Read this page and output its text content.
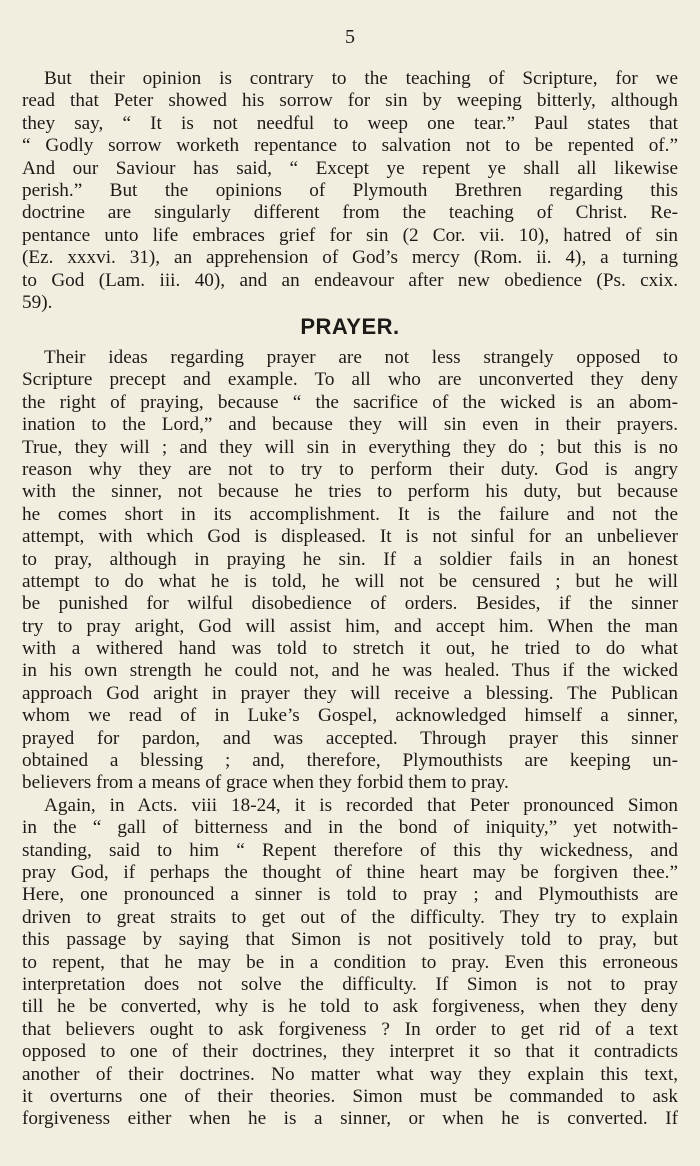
5
But their opinion is contrary to the teaching of Scripture, for we
read that Peter showed his sorrow for sin by weeping bitterly, although
they say, “ It is not needful to weep one tear.” Paul states that
“ Godly sorrow worketh repentance to salvation not to be repented of.”
And our Saviour has said, “ Except ye repent ye shall all likewise
perish.” But the opinions of Plymouth Brethren regarding this
doctrine are singularly different from the teaching of Christ. Re-
pentance unto life embraces grief for sin (2 Cor. vii. 10), hatred of sin
(Ez. xxxvi. 31), an apprehension of God’s mercy (Rom. ii. 4), a turning
to God (Lam. iii. 40), and an endeavour after new obedience (Ps. cxix.
59).
PRAYER.
Their ideas regarding prayer are not less strangely opposed to
Scripture precept and example. To all who are unconverted they deny
the right of praying, because “ the sacrifice of the wicked is an abom-
ination to the Lord,” and because they will sin even in their prayers.
True, they will ; and they will sin in everything they do ; but this is no
reason why they are not to try to perform their duty. God is angry
with the sinner, not because he tries to perform his duty, but because
he comes short in its accomplishment. It is the failure and not the
attempt, with which God is displeased. It is not sinful for an unbeliever
to pray, although in praying he sin. If a soldier fails in an honest
attempt to do what he is told, he will not be censured ; but he will
be punished for wilful disobedience of orders. Besides, if the sinner
try to pray aright, God will assist him, and accept him. When the man
with a withered hand was told to stretch it out, he tried to do what
in his own strength he could not, and he was healed. Thus if the wicked
approach God aright in prayer they will receive a blessing. The Publican
whom we read of in Luke’s Gospel, acknowledged himself a sinner,
prayed for pardon, and was accepted. Through prayer this sinner
obtained a blessing ; and, therefore, Plymouthists are keeping un-
believers from a means of grace when they forbid them to pray.
Again, in Acts. viii 18-24, it is recorded that Peter pronounced Simon
in the “ gall of bitterness and in the bond of iniquity,” yet notwith-
standing, said to him “ Repent therefore of this thy wickedness, and
pray God, if perhaps the thought of thine heart may be forgiven thee.”
Here, one pronounced a sinner is told to pray ; and Plymouthists are
driven to great straits to get out of the difficulty. They try to explain
this passage by saying that Simon is not positively told to pray, but
to repent, that he may be in a condition to pray. Even this erroneous
interpretation does not solve the difficulty. If Simon is not to pray
till he be converted, why is he told to ask forgiveness, when they deny
that believers ought to ask forgiveness ? In order to get rid of a text
opposed to one of their doctrines, they interpret it so that it contradicts
another of their doctrines. No matter what way they explain this text,
it overturns one of their theories. Simon must be commanded to ask
forgiveness either when he is a sinner, or when he is converted. If
